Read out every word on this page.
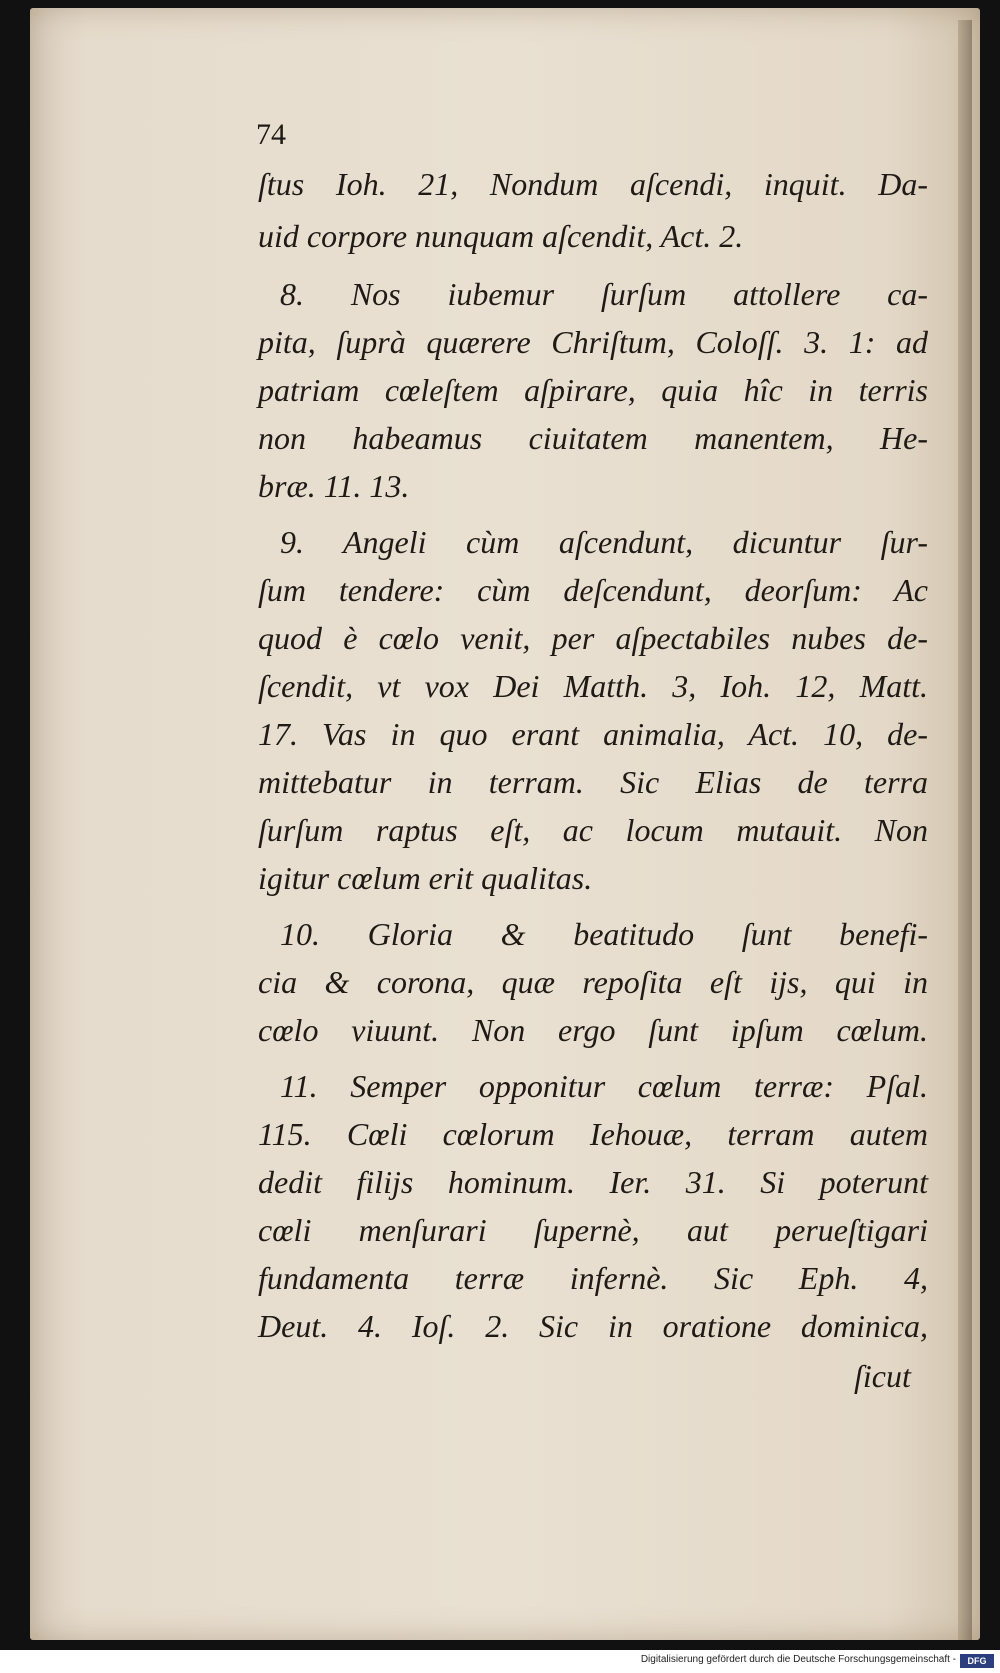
74
ſtus Ioh. 21, Nondum aſcendi, inquit. Da-
uid corpore nunquam aſcendit, Act. 2.
8. Nos iubemur ſurſum attollere ca-
pita, ſuprà quærere Chriſtum, Coloſſ. 3. 1: ad
patriam cœleſtem aſpirare, quia hîc in terris
non habeamus ciuitatem manentem, He-
bræ. 11. 13.
9. Angeli cùm aſcendunt, dicuntur ſur-
ſum tendere: cùm deſcendunt, deorſum: Ac
quod è cœlo venit, per aſpectabiles nubes de-
ſcendit, vt vox Dei Matth. 3, Ioh. 12, Matt.
17. Vas in quo erant animalia, Act. 10, de-
mittebatur in terram. Sic Elias de terra
ſurſum raptus eſt, ac locum mutauit. Non
igitur cœlum erit qualitas.
10. Gloria & beatitudo ſunt benefi-
cia & corona, quæ repoſita eſt ijs, qui in
cœlo viuunt. Non ergo ſunt ipſum cœlum.
11. Semper opponitur cœlum terræ: Pſal.
115. Cœli cœlorum Iehouæ, terram autem
dedit filijs hominum. Ier. 31. Si poterunt
cœli menſurari ſupernè, aut perueſtigari
fundamenta terræ infernè. Sic Eph. 4,
Deut. 4. Ioſ. 2. Sic in oratione dominica,
ſicut
Digitalisierung gefördert durch die Deutsche Forschungsgemeinschaft -	DFG
